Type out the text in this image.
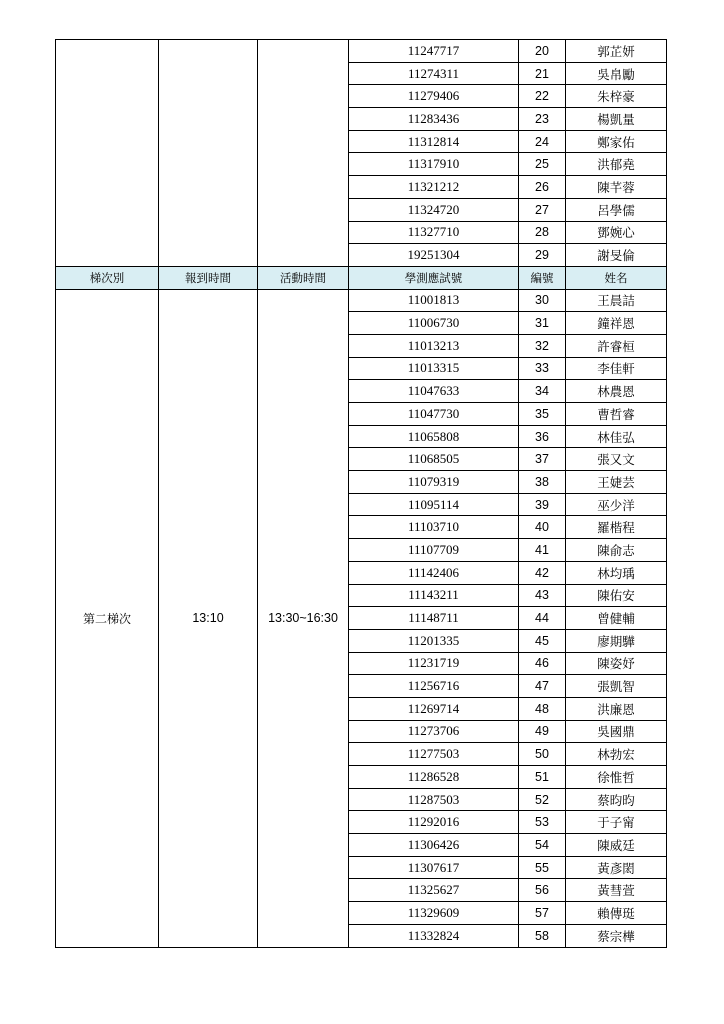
			11247717	20	郭芷妍
			11274311	21	吳帛勵
			11279406	22	朱梓豪
			11283436	23	楊凱量
			11312814	24	鄭家佑
			11317910	25	洪郁堯
			11321212	26	陳芊蓉
			11324720	27	呂學儒
			11327710	28	鄧婉心
			19251304	29	謝旻倫
梯次別	報到時間	活動時間	學測應試號	編號	姓名
第二梯次	13:10	13:30~16:30	11001813	30	王晨詰
			11006730	31	鐘祥恩
			11013213	32	許睿桓
			11013315	33	李佳軒
			11047633	34	林農恩
			11047730	35	曹哲睿
			11065808	36	林佳弘
			11068505	37	張又文
			11079319	38	王婕芸
			11095114	39	巫少洋
			11103710	40	羅楷程
			11107709	41	陳俞志
			11142406	42	林均瑀
			11143211	43	陳佑安
			11148711	44	曾健輔
			11201335	45	廖期驊
			11231719	46	陳姿妤
			11256716	47	張凱智
			11269714	48	洪廉恩
			11273706	49	吳國鼎
			11277503	50	林勃宏
			11286528	51	徐惟哲
			11287503	52	蔡昀昀
			11292016	53	于子甯
			11306426	54	陳威廷
			11307617	55	黃彥閎
			11325627	56	黃彗萱
			11329609	57	賴傳珽
			11332824	58	蔡宗樺
